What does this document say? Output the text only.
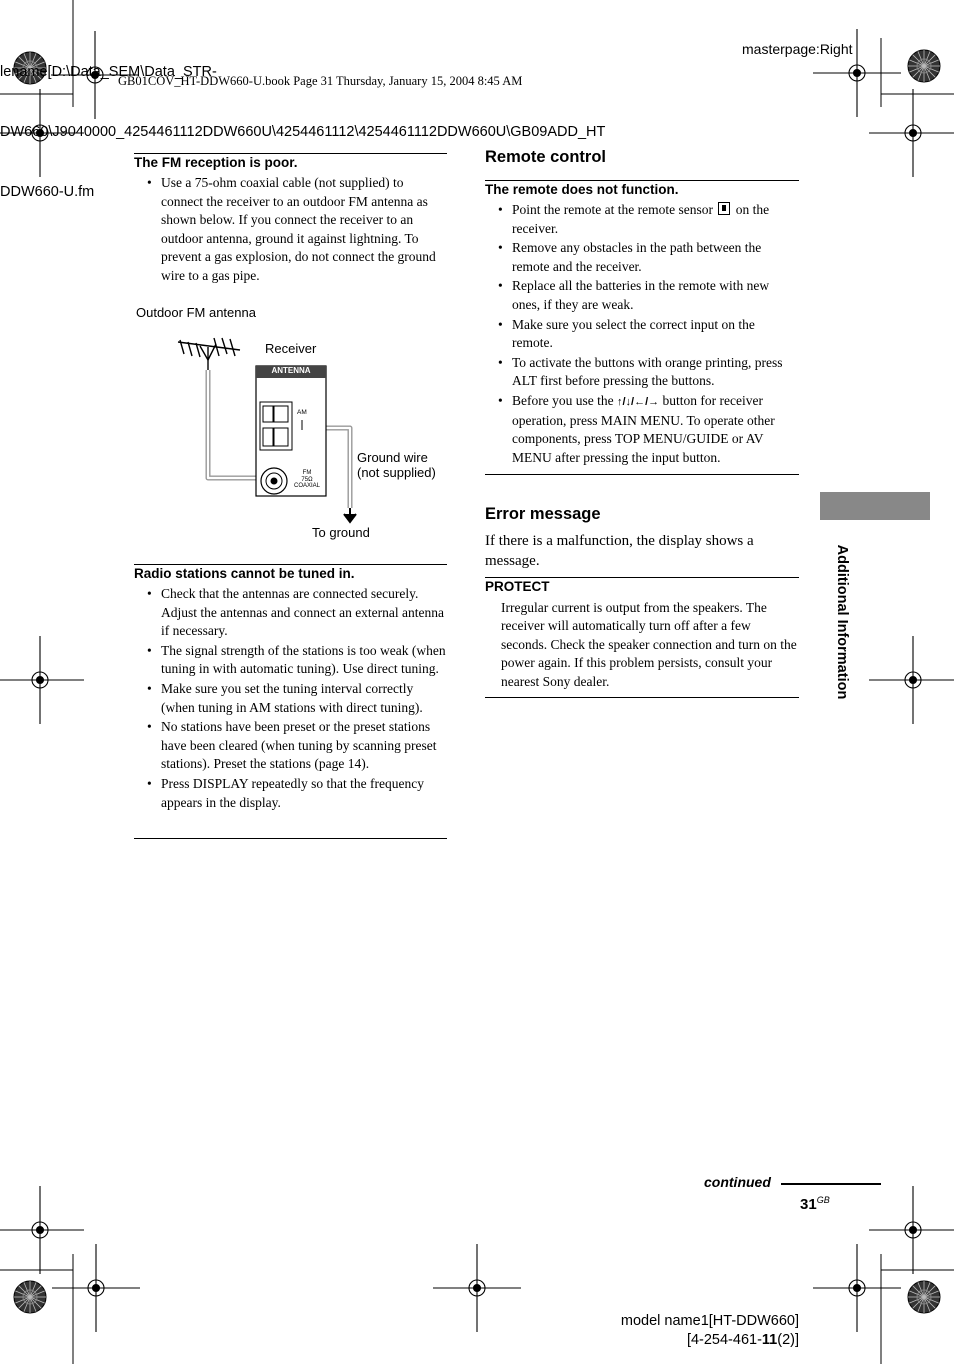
lename[D:\Data_SEM\Data_STR-

DW660\J9040000_4254461112DDW660U\4254461112\4254461112DDW660U\GB09ADD_HT

DDW660-U.fm

masterpage:Right
GB01COV_HT-DDW660-U.book Page 31 Thursday, January 15, 2004 8:45 AM
The FM reception is poor.
• Use a 75-ohm coaxial cable (not supplied) to connect the receiver to an outdoor FM antenna as shown below. If you connect the receiver to an outdoor antenna, ground it against lightning. To prevent a gas explosion, do not connect the ground wire to a gas pipe.
Outdoor FM antenna
Receiver
ANTENNA
AM
FM
75Ω
COAXIAL
Ground wire
(not supplied)
To ground
Radio stations cannot be tuned in.
• Check that the antennas are connected securely. Adjust the antennas and connect an external antenna if necessary.
• The signal strength of the stations is too weak (when tuning in with automatic tuning). Use direct tuning.
• Make sure you set the tuning interval correctly (when tuning in AM stations with direct tuning).
• No stations have been preset or the preset stations have been cleared (when tuning by scanning preset stations). Preset the stations (page 14).
• Press DISPLAY repeatedly so that the frequency appears in the display.
Remote control
The remote does not function.
• Point the remote at the remote sensor  on the receiver.
• Remove any obstacles in the path between the remote and the receiver.
• Replace all the batteries in the remote with new ones, if they are weak.
• Make sure you select the correct input on the remote.
• To activate the buttons with orange printing, press ALT first before pressing the buttons.
• Before you use the ↑/↓/←/→ button for receiver operation, press MAIN MENU. To operate other components, press TOP MENU/GUIDE or AV MENU after pressing the input button.
Error message
If there is a malfunction, the display shows a message.
PROTECT
Irregular current is output from the speakers. The receiver will automatically turn off after a few seconds. Check the speaker connection and turn on the power again. If this problem persists, consult your nearest Sony dealer.	Additional Information
continued
$31^{GB}$
model name1[HT-DDW660]
[4-254-461-11(2)]
